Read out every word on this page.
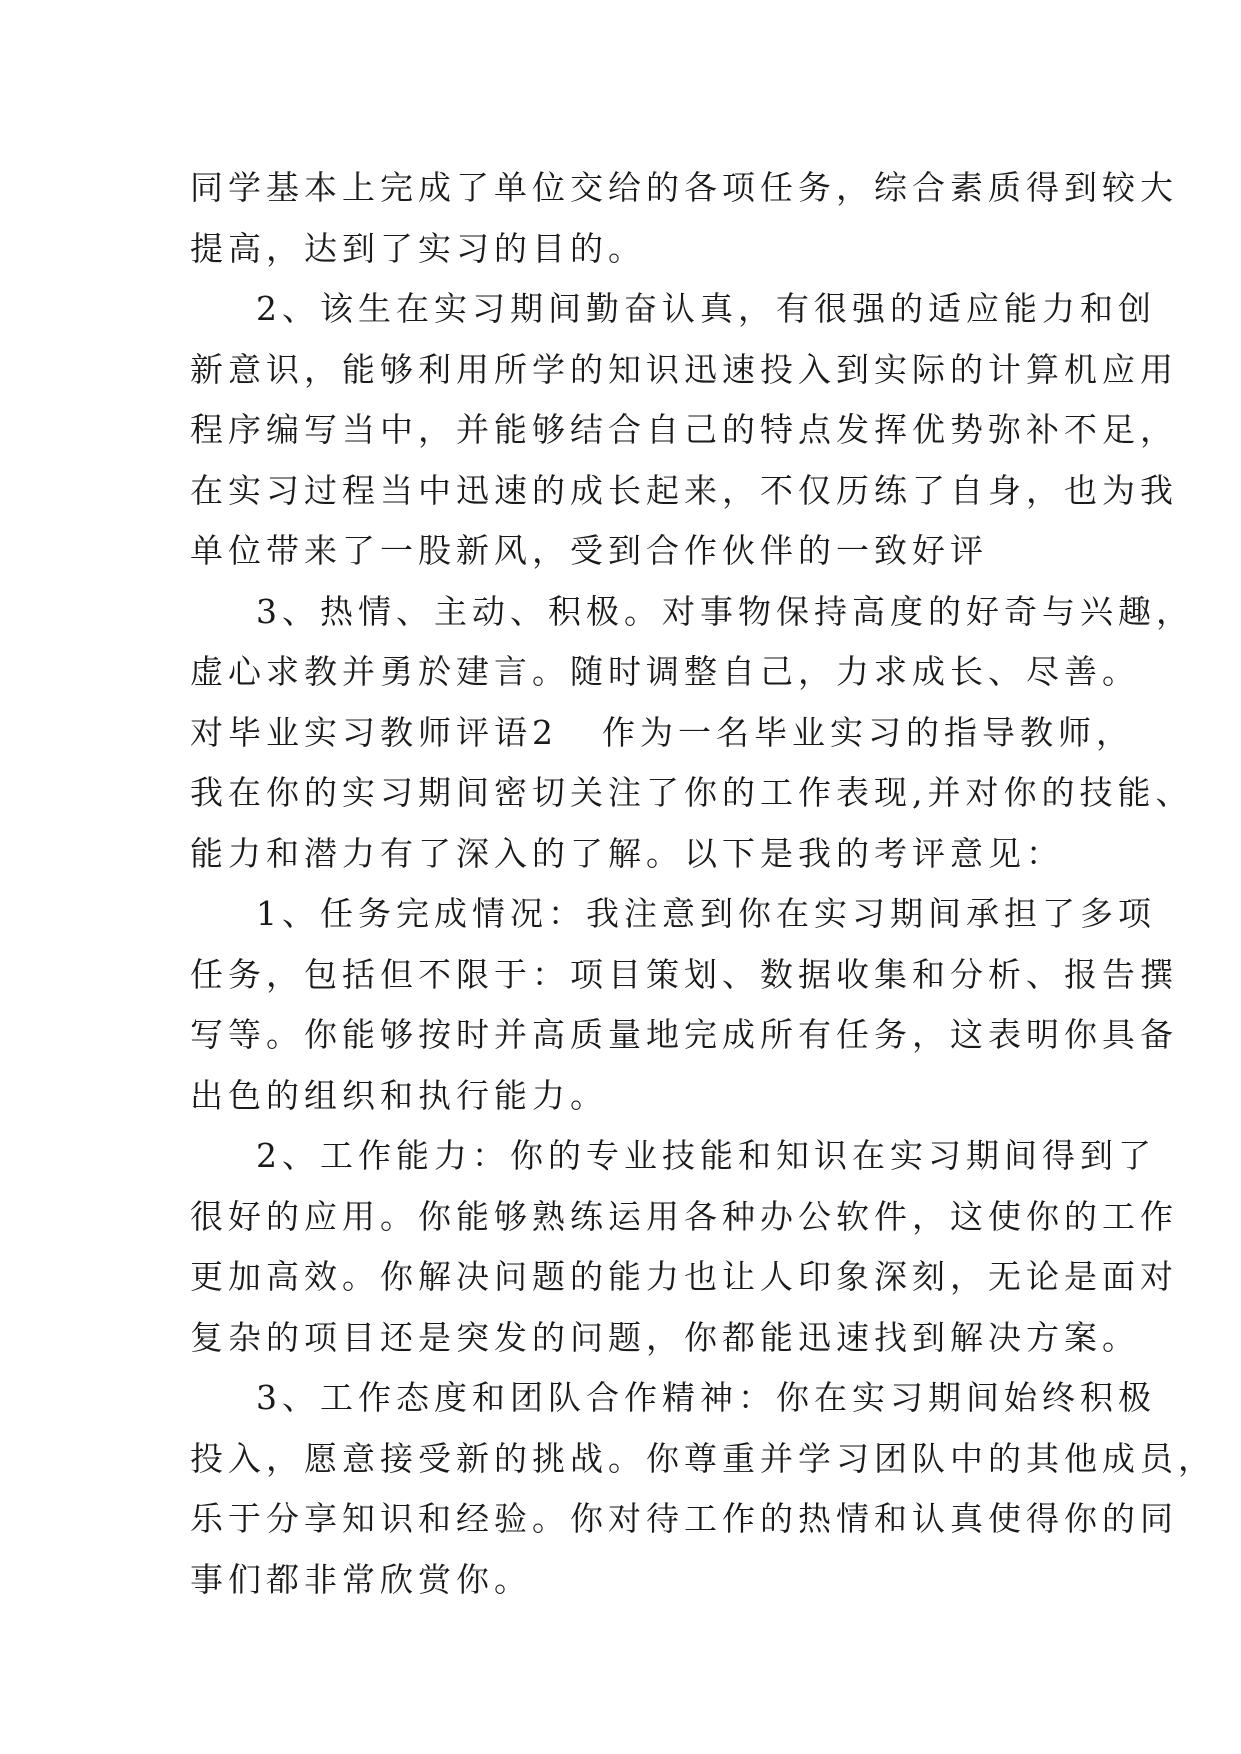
同学基本上完成了单位交给的各项任务，综合素质得到较大
提高，达到了实习的目的。
2、该生在实习期间勤奋认真，有很强的适应能力和创
新意识，能够利用所学的知识迅速投入到实际的计算机应用
程序编写当中，并能够结合自己的特点发挥优势弥补不足，
在实习过程当中迅速的成长起来，不仅历练了自身，也为我
单位带来了一股新风，受到合作伙伴的一致好评
3、热情、主动、积极。对事物保持高度的好奇与兴趣，
虚心求教并勇於建言。随时调整自己，力求成长、尽善。
对毕业实习教师评语2 作为一名毕业实习的指导教师，
我在你的实习期间密切关注了你的工作表现,并对你的技能、
能力和潜力有了深入的了解。以下是我的考评意见：
1、任务完成情况：我注意到你在实习期间承担了多项
任务，包括但不限于：项目策划、数据收集和分析、报告撰
写等。你能够按时并高质量地完成所有任务，这表明你具备
出色的组织和执行能力。
2、工作能力：你的专业技能和知识在实习期间得到了
很好的应用。你能够熟练运用各种办公软件，这使你的工作
更加高效。你解决问题的能力也让人印象深刻，无论是面对
复杂的项目还是突发的问题，你都能迅速找到解决方案。
3、工作态度和团队合作精神：你在实习期间始终积极
投入，愿意接受新的挑战。你尊重并学习团队中的其他成员，
乐于分享知识和经验。你对待工作的热情和认真使得你的同
事们都非常欣赏你。
